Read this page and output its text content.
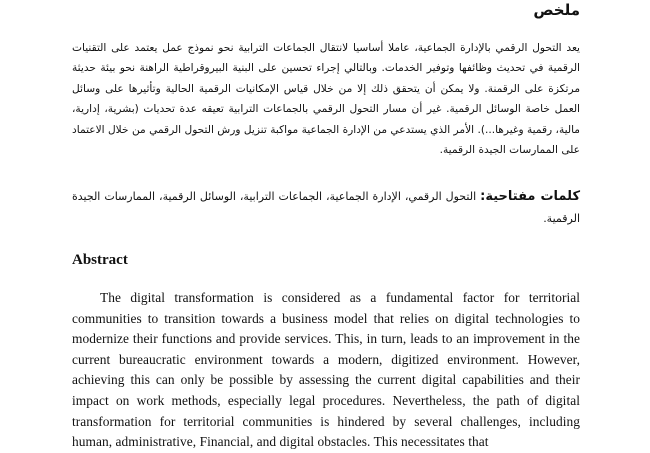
ملخص

يعد التحول الرقمي بالإدارة الجماعية، عاملا أساسيا لانتقال الجماعات الترابية نحو نموذج عمل يعتمد على التقنيات الرقمية في تحديث وظائفها وتوفير الخدمات. وبالتالي إجراء تحسين على البنية البيروقراطية الراهنة نحو بيئة حديثة مرتكزة على الرقمنة. ولا يمكن أن يتحقق ذلك إلا من خلال قياس الإمكانيات الرقمية الحالية وتأثيرها على وسائل العمل خاصة الوسائل الرقمية. غير أن مسار التحول الرقمي بالجماعات الترابية تعيقه عدة تحديات (بشرية، إدارية، مالية، رقمية وغيرها...). الأمر الذي يستدعي من الإدارة الجماعية مواكبة تنزيل ورش التحول الرقمي من خلال الاعتماد على الممارسات الجيدة الرقمية.

كلمات مفتاحية: التحول الرقمي، الإدارة الجماعية، الجماعات الترابية، الوسائل الرقمية، الممارسات الجيدة الرقمية.

Abstract

The digital transformation is considered as a fundamental factor for territorial communities to transition towards a business model that relies on digital technologies to modernize their functions and provide services. This, in turn, leads to an improvement in the current bureaucratic environment towards a modern, digitized environment. However, achieving this can only be possible by assessing the current digital capabilities and their impact on work methods, especially legal procedures. Nevertheless, the path of digital transformation for territorial communities is hindered by several challenges, including human, administrative, Financial, and digital obstacles. This necessitates that
